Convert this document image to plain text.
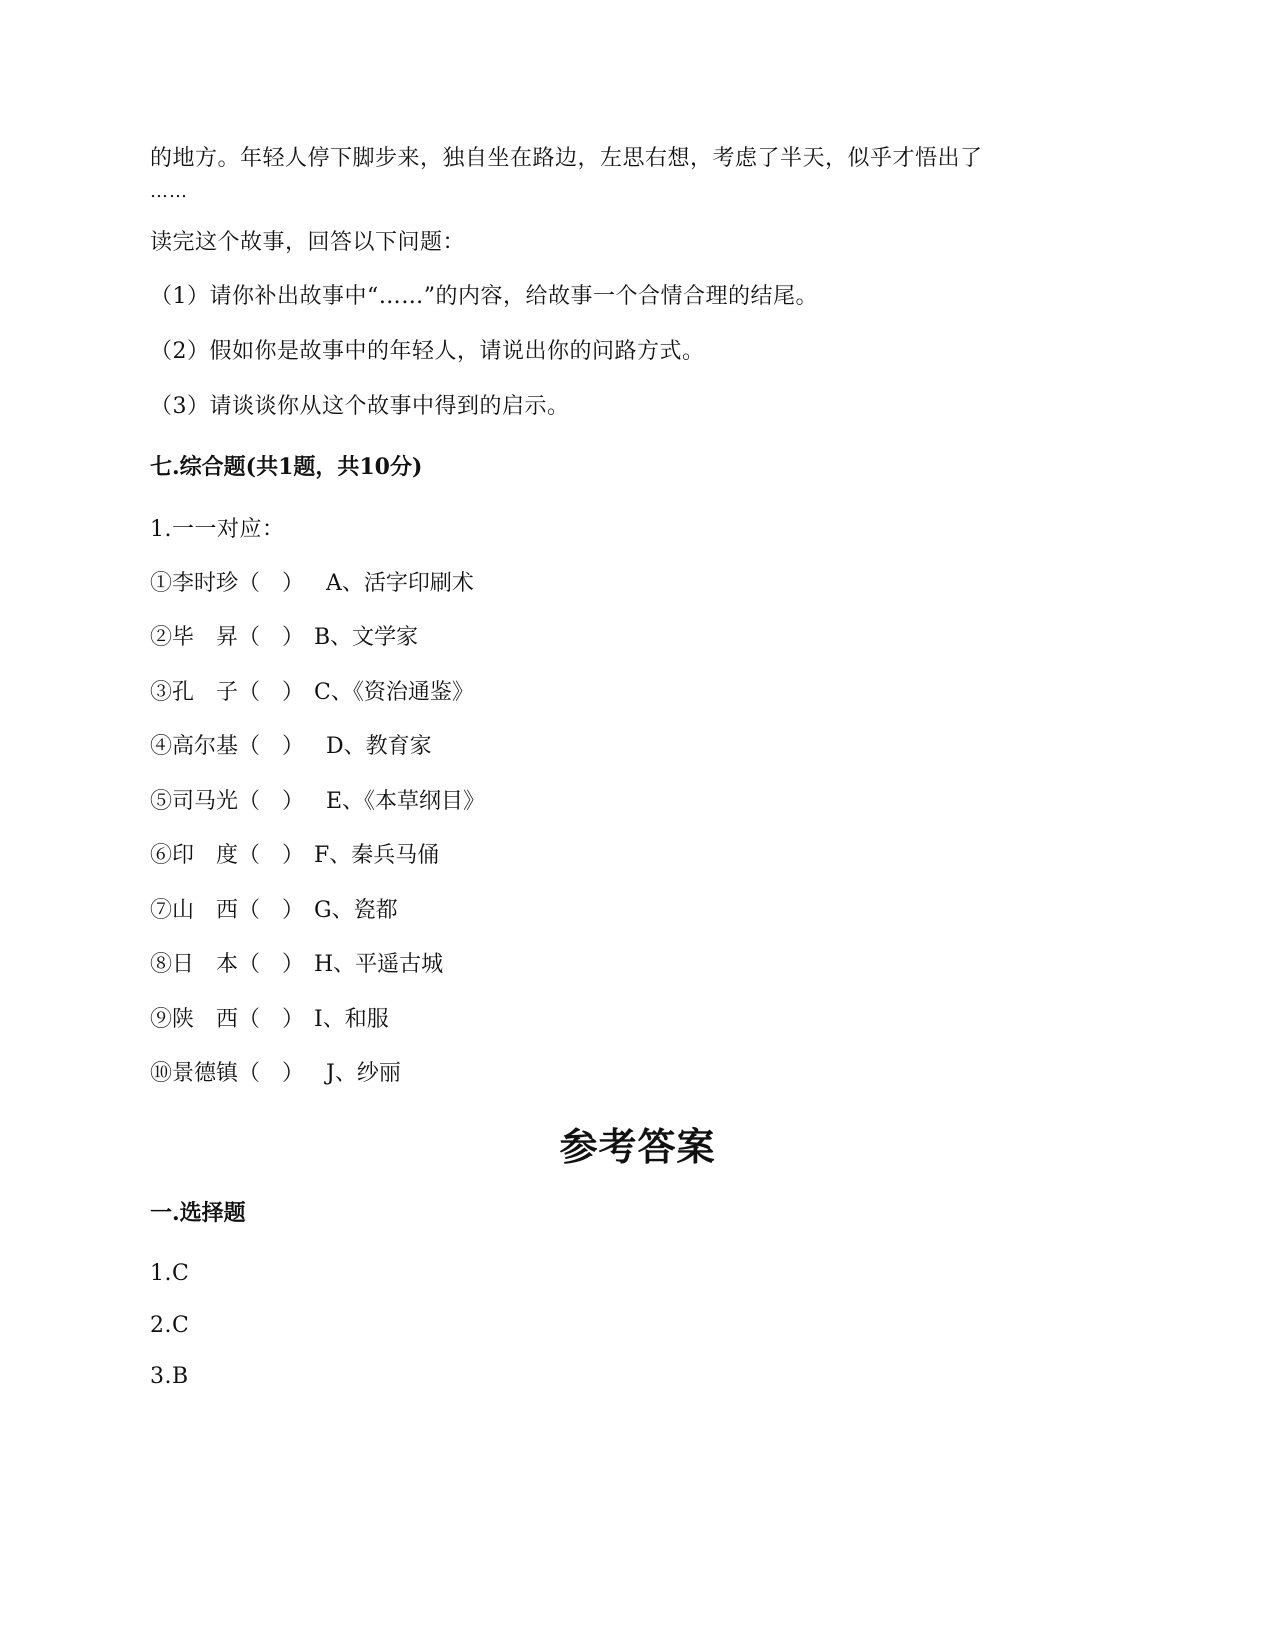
的地方。年轻人停下脚步来，独自坐在路边，左思右想，考虑了半天，似乎才悟出了
……
读完这个故事，回答以下问题：
（1）请你补出故事中“……”的内容，给故事一个合情合理的结尾。
（2）假如你是故事中的年轻人，请说出你的问路方式。
（3）请谈谈你从这个故事中得到的启示。
七.综合题(共1题，共10分)
1.一一对应：
①李时珍（　） A、活字印刷术
②毕　昇（　） B、文学家
③孔　子（　） C、《资治通鉴》
④高尔基（　） D、教育家
⑤司马光（　） E、《本草纲目》
⑥印　度（　） F、秦兵马俑
⑦山　西（　） G、瓷都
⑧日　本（　） H、平遥古城
⑨陕　西（　） I、和服
⑩景德镇（　） J、纱丽
参考答案
一.选择题
1.C
2.C
3.B
